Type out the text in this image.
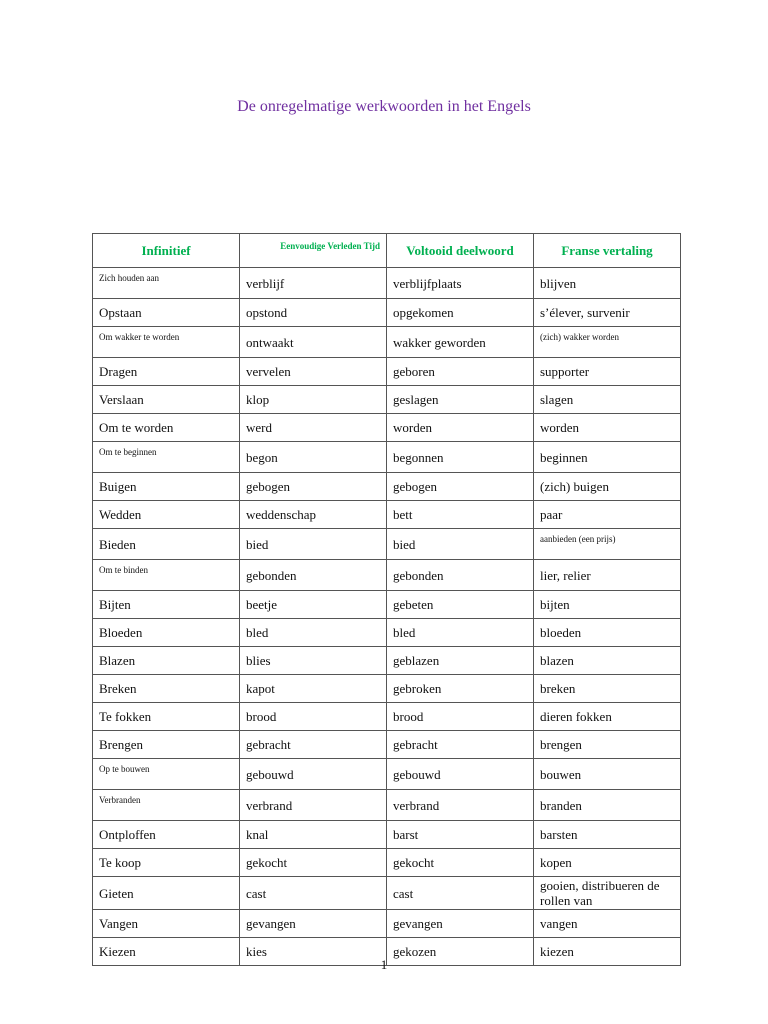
De onregelmatige werkwoorden in het Engels
Infinitief	Eenvoudige Verleden Tijd	Voltooid deelwoord	Franse vertaling
Zich houden aan	verblijf	verblijfplaats	blijven
Opstaan	opstond	opgekomen	s’élever, survenir
Om wakker te worden	ontwaakt	wakker geworden	(zich) wakker worden
Dragen	vervelen	geboren	supporter
Verslaan	klop	geslagen	slagen
Om te worden	werd	worden	worden
Om te beginnen	begon	begonnen	beginnen
Buigen	gebogen	gebogen	(zich) buigen
Wedden	weddenschap	bett	paar
Bieden	bied	bied	aanbieden (een prijs)
Om te binden	gebonden	gebonden	lier, relier
Bijten	beetje	gebeten	bijten
Bloeden	bled	bled	bloeden
Blazen	blies	geblazen	blazen
Breken	kapot	gebroken	breken
Te fokken	brood	brood	dieren fokken
Brengen	gebracht	gebracht	brengen
Op te bouwen	gebouwd	gebouwd	bouwen
Verbranden	verbrand	verbrand	branden
Ontploffen	knal	barst	barsten
Te koop	gekocht	gekocht	kopen
Gieten	cast	cast	gooien, distribueren de rollen van
Vangen	gevangen	gevangen	vangen
Kiezen	kies	gekozen	kiezen
1
